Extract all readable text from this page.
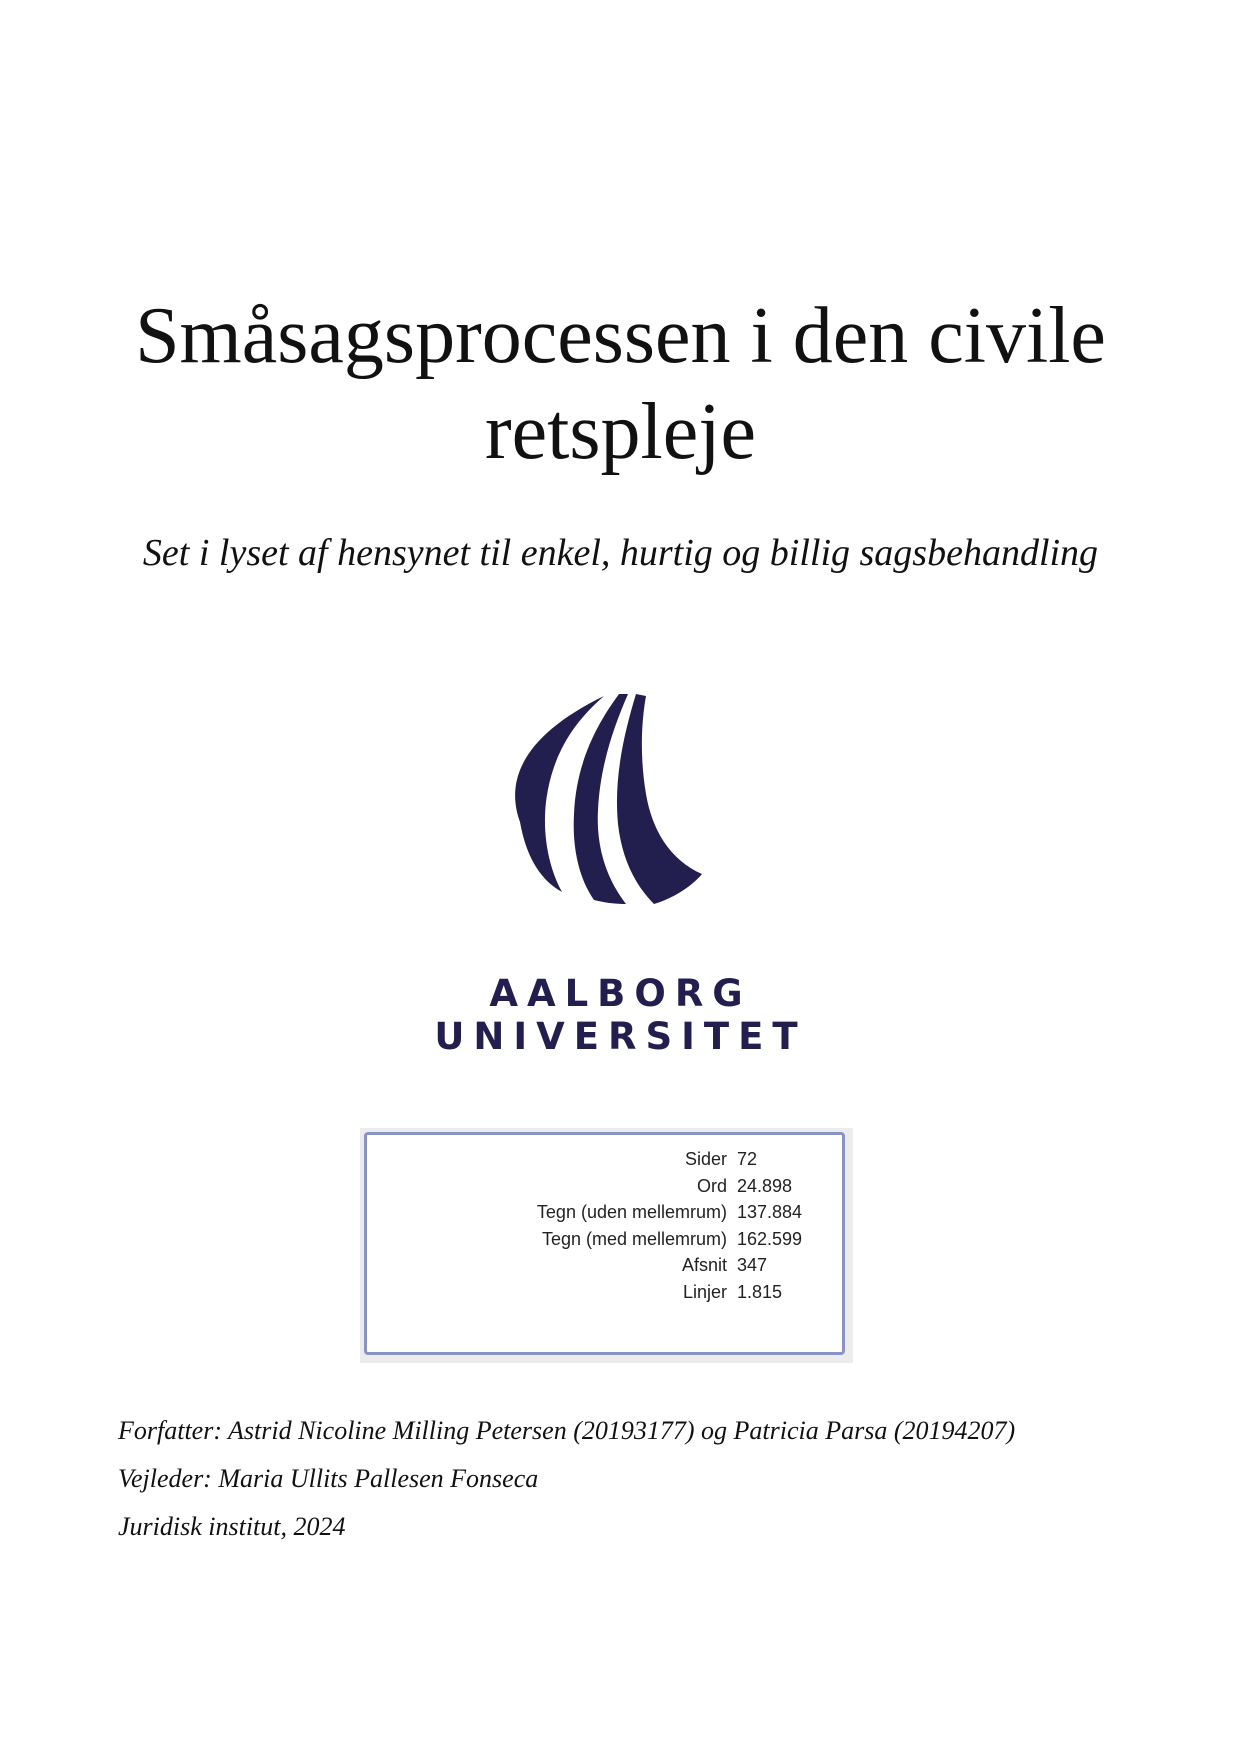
Småsagsprocessen i den civile retspleje

Set i lyset af hensynet til enkel, hurtig og billig sagsbehandling

AALBORG UNIVERSITET
Sider	72
Ord	24.898
Tegn (uden mellemrum)	137.884
Tegn (med mellemrum)	162.599
Afsnit	347
Linjer	1.815
Forfatter: Astrid Nicoline Milling Petersen (20193177) og Patricia Parsa (20194207)
Vejleder: Maria Ullits Pallesen Fonseca
Juridisk institut, 2024
